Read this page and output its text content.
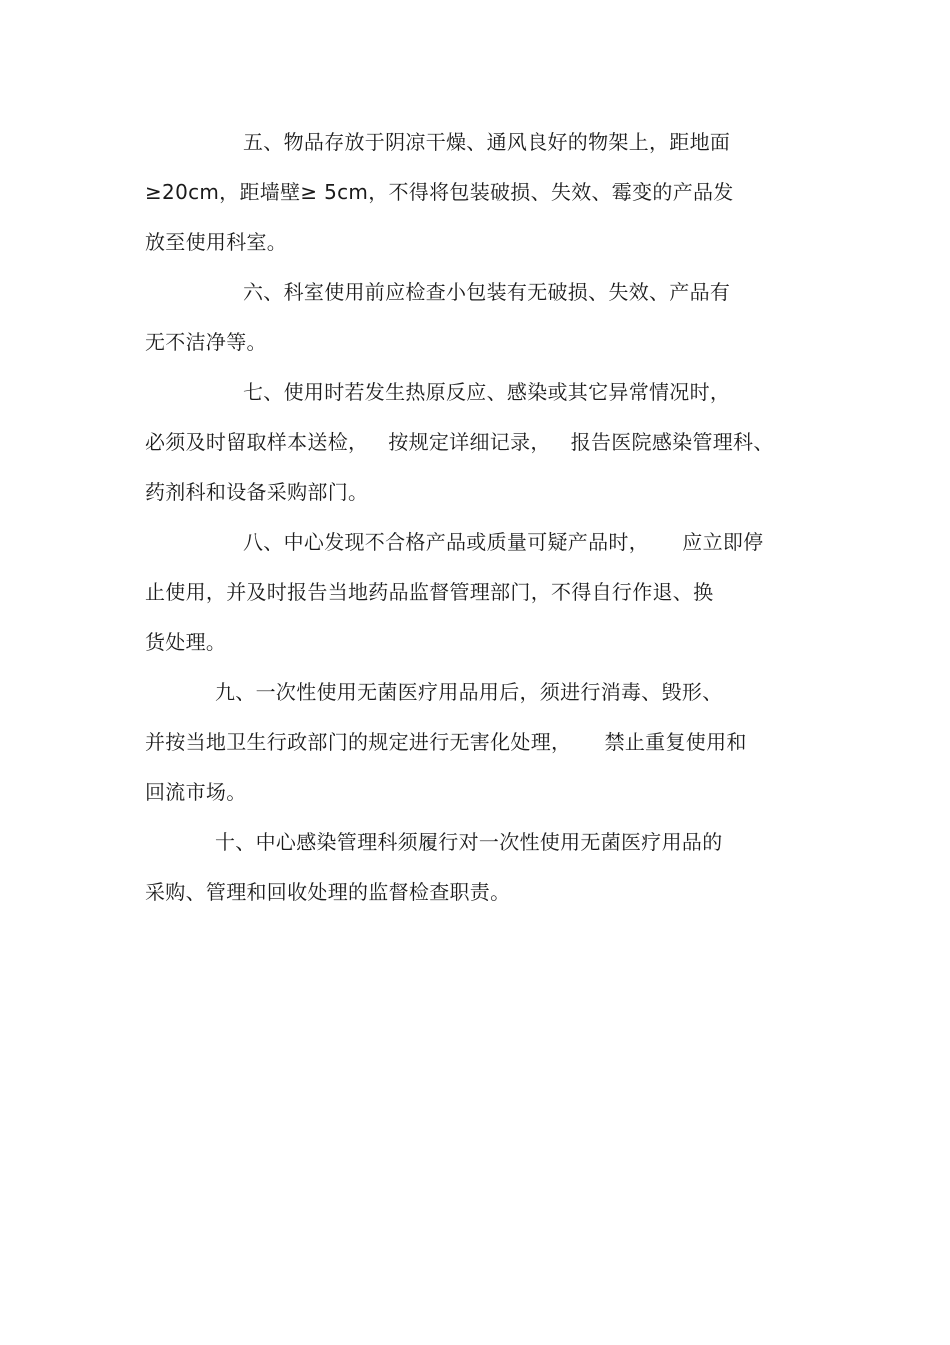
五、物品存放于阴凉干燥、通风良好的物架上，距地面
≥20cm，距墙壁≥ 5cm，不得将包装破损、失效、霉变的产品发
放至使用科室。
六、科室使用前应检查小包装有无破损、失效、产品有
无不洁净等。
七、使用时若发生热原反应、感染或其它异常情况时，
必须及时留取样本送检，   按规定详细记录，   报告医院感染管理科、
药剂科和设备采购部门。
八、中心发现不合格产品或质量可疑产品时，     应立即停
止使用，并及时报告当地药品监督管理部门，不得自行作退、换
货处理。
九、一次性使用无菌医疗用品用后，须进行消毒、毁形、
并按当地卫生行政部门的规定进行无害化处理，     禁止重复使用和
回流市场。
十、中心感染管理科须履行对一次性使用无菌医疗用品的
采购、管理和回收处理的监督检查职责。
